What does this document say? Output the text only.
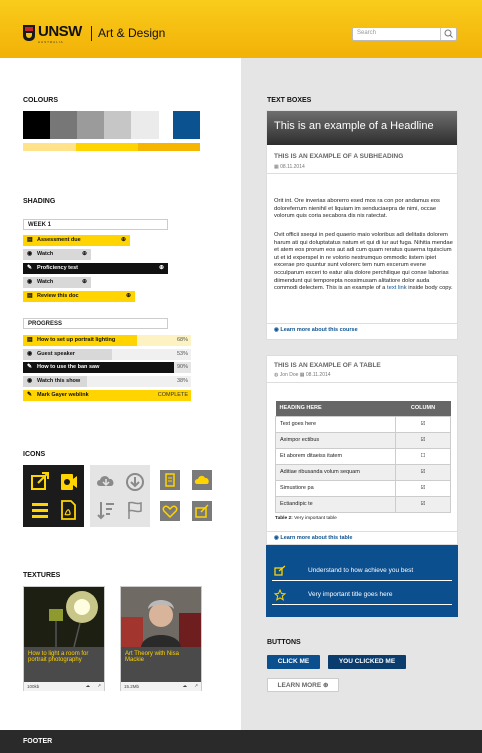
UNSW
AUSTRALIA
Art & Design	Search
COLOURS
SHADING
WEEK 1
▤ Assessment due	⊕
◉ Watch	⊕
✎ Proficiency test	⊕
◉ Watch	⊕
▤ Review this doc	⊕
PROGRESS
▤ How to set up portrait lighting	68%
◉ Guest speaker	53%
✎ How to use the ban saw	90%
◉ Watch this show	38%
✎ Mark Gayer weblink	COMPLETE
ICONS
TEXTURES
How to light a room for portrait photography
100kb	☁ ↗
Art Theory with Nisa Mackie
15.2Mb	☁ ↗
TEXT BOXES
This is an example of a Headline
THIS IS AN EXAMPLE OF A SUBHEADING
▦ 08.11.2014
Orit int. Ore inverias aborerro esed mos ra con por andamus eos doloreferrum nienihil et liquiam im senduciaepra de nimi, occae volorum quis coria secabora dis nis ratectat.
Ovit officii ssequi in ped quaerio maio voloribus adi delitatis dolorem harum ati qui doluptatatus natum et qui di iur aut fuga. Nihitia mendae et atem eos prorum eos aut adi cum quam reratus quaerna tquiscium ut et id experspel in re volorio nestrumquo ommodic iistem ipiet excerae pro quuntur sunt volorerc tem num excerum evene occulparum exceri to eatur alia dolore perchilique qui conse laborias diimendunt qui temporepta nossimusam alitatiore dolor auda commodi delectem. This is an example of a text link inside body copy.
◉ Learn more about this course
THIS IS AN EXAMPLE OF A TABLE
◍ Jon Doe ▦ 08.11.2014
HEADING HERE	COLUMN
Text goes here	☑
Aximpor ectibus	☑
Et aborem ditaeiss itatem	☐
Aditiae ribusanda volum sequam	☑
Simustiore pa	☑
Ectiandipic te	☑
Table 2: Very important table
◉ Learn more about this table
Understand to how achieve you best
Very important title goes here
BUTTONS
CLICK ME	YOU CLICKED ME
LEARN MORE ⊕
FOOTER
